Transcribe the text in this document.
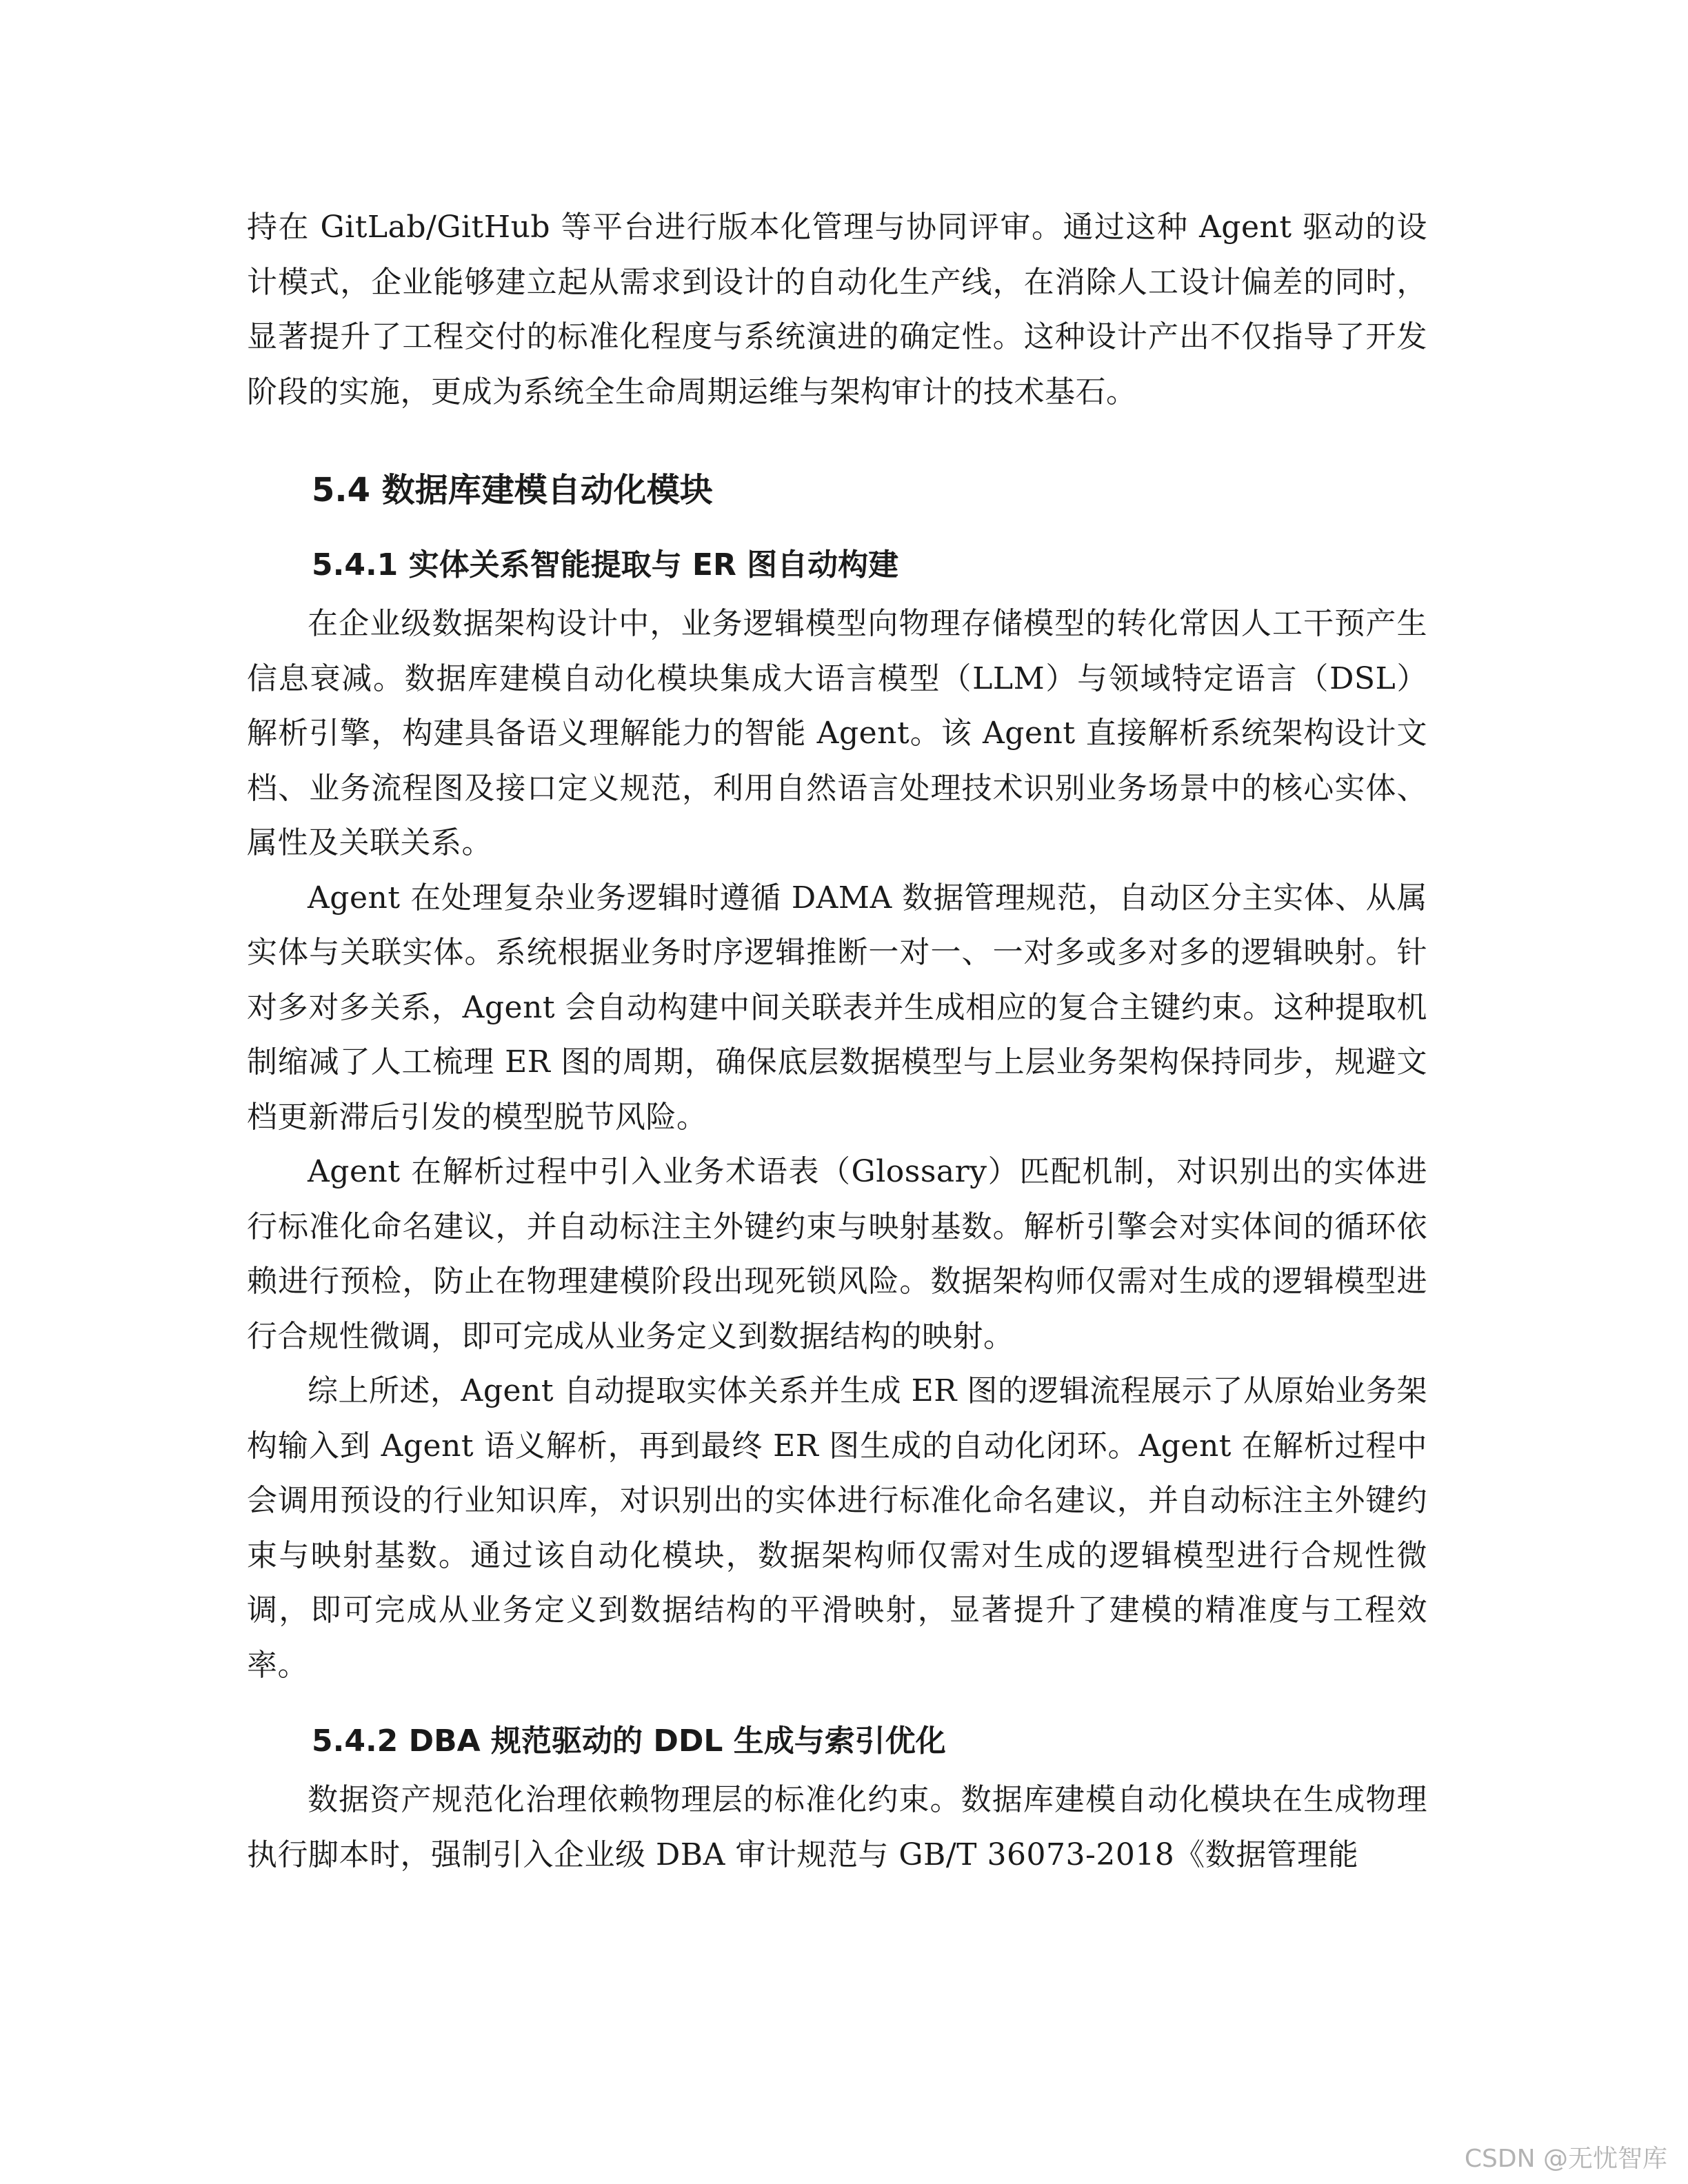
持在 GitLab/GitHub 等平台进行版本化管理与协同评审。通过这种 Agent 驱动的设计模式，企业能够建立起从需求到设计的自动化生产线，在消除人工设计偏差的同时，显著提升了工程交付的标准化程度与系统演进的确定性。这种设计产出不仅指导了开发阶段的实施，更成为系统全生命周期运维与架构审计的技术基石。

5.4 数据库建模自动化模块
5.4.1 实体关系智能提取与 ER 图自动构建

在企业级数据架构设计中，业务逻辑模型向物理存储模型的转化常因人工干预产生信息衰减。数据库建模自动化模块集成大语言模型（LLM）与领域特定语言（DSL）解析引擎，构建具备语义理解能力的智能 Agent。该 Agent 直接解析系统架构设计文档、业务流程图及接口定义规范，利用自然语言处理技术识别业务场景中的核心实体、属性及关联关系。

Agent 在处理复杂业务逻辑时遵循 DAMA 数据管理规范，自动区分主实体、从属实体与关联实体。系统根据业务时序逻辑推断一对一、一对多或多对多的逻辑映射。针对多对多关系，Agent 会自动构建中间关联表并生成相应的复合主键约束。这种提取机制缩减了人工梳理 ER 图的周期，确保底层数据模型与上层业务架构保持同步，规避文档更新滞后引发的模型脱节风险。

Agent 在解析过程中引入业务术语表（Glossary）匹配机制，对识别出的实体进行标准化命名建议，并自动标注主外键约束与映射基数。解析引擎会对实体间的循环依赖进行预检，防止在物理建模阶段出现死锁风险。数据架构师仅需对生成的逻辑模型进行合规性微调，即可完成从业务定义到数据结构的映射。

综上所述，Agent 自动提取实体关系并生成 ER 图的逻辑流程展示了从原始业务架构输入到 Agent 语义解析，再到最终 ER 图生成的自动化闭环。Agent 在解析过程中会调用预设的行业知识库，对识别出的实体进行标准化命名建议，并自动标注主外键约束与映射基数。通过该自动化模块，数据架构师仅需对生成的逻辑模型进行合规性微调，即可完成从业务定义到数据结构的平滑映射，显著提升了建模的精准度与工程效率。

5.4.2 DBA 规范驱动的 DDL 生成与索引优化

数据资产规范化治理依赖物理层的标准化约束。数据库建模自动化模块在生成物理执行脚本时，强制引入企业级 DBA 审计规范与 GB/T 36073-2018《数据管理能

CSDN @无忧智库
